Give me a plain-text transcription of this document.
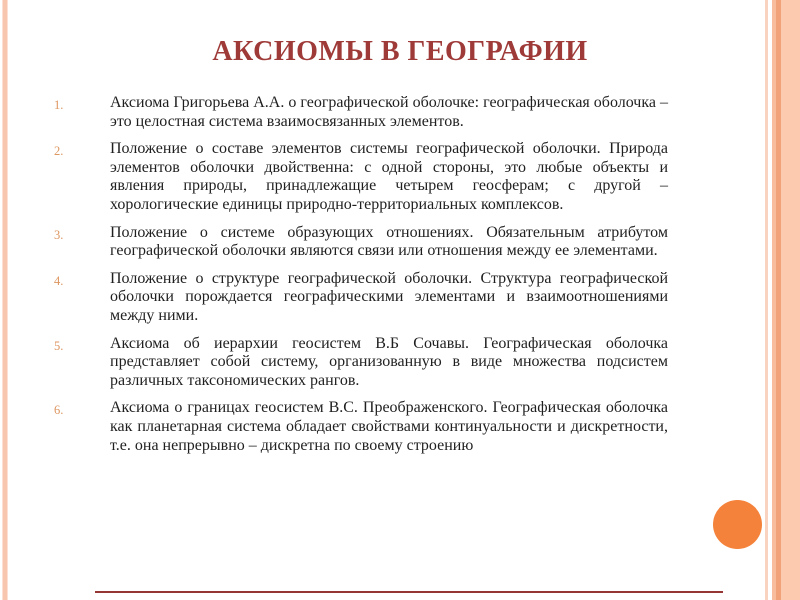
АКСИОМЫ В ГЕОГРАФИИ
1.	Аксиома Григорьева А.А. о географической оболочке: географическая оболочка – это целостная система взаимосвязанных элементов.
2.	Положение о составе элементов системы географической оболочки. Природа элементов оболочки двойственна: с одной стороны, это любые объекты и явления природы, принадлежащие четырем геосферам; с другой – хорологические единицы природно-территориальных комплексов.
3.	Положение о системе образующих отношениях. Обязательным атрибутом географической оболочки являются связи или отношения между ее элементами.
4.	Положение о структуре географической оболочки. Структура географической оболочки порождается географическими элементами и взаимоотношениями между ними.
5.	Аксиома об иерархии геосистем В.Б Сочавы. Географическая оболочка представляет собой систему, организованную в виде множества подсистем различных таксономических рангов.
6.	Аксиома о границах геосистем В.С. Преображенского. Географическая оболочка как планетарная система обладает свойствами континуальности и дискретности, т.е. она непрерывно – дискретна по своему строению
